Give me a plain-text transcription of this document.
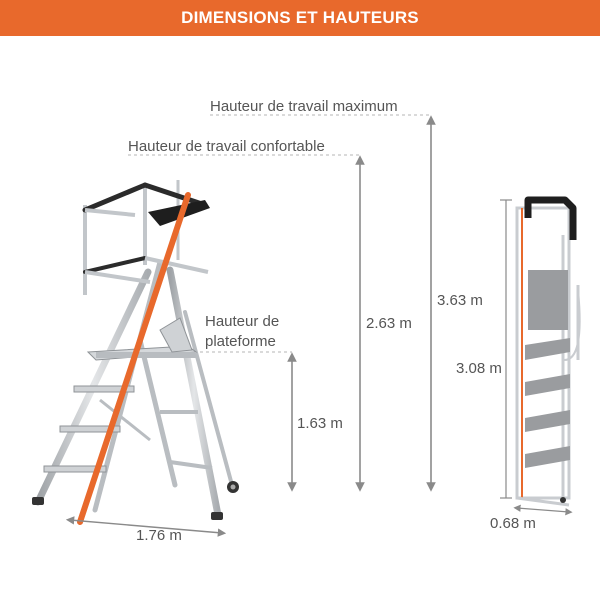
DIMENSIONS ET HAUTEURS
Hauteur de travail maximum
Hauteur de travail confortable
Hauteur de
plateforme
3.63 m
2.63 m
1.63 m
1.76 m
3.08 m
0.68 m
